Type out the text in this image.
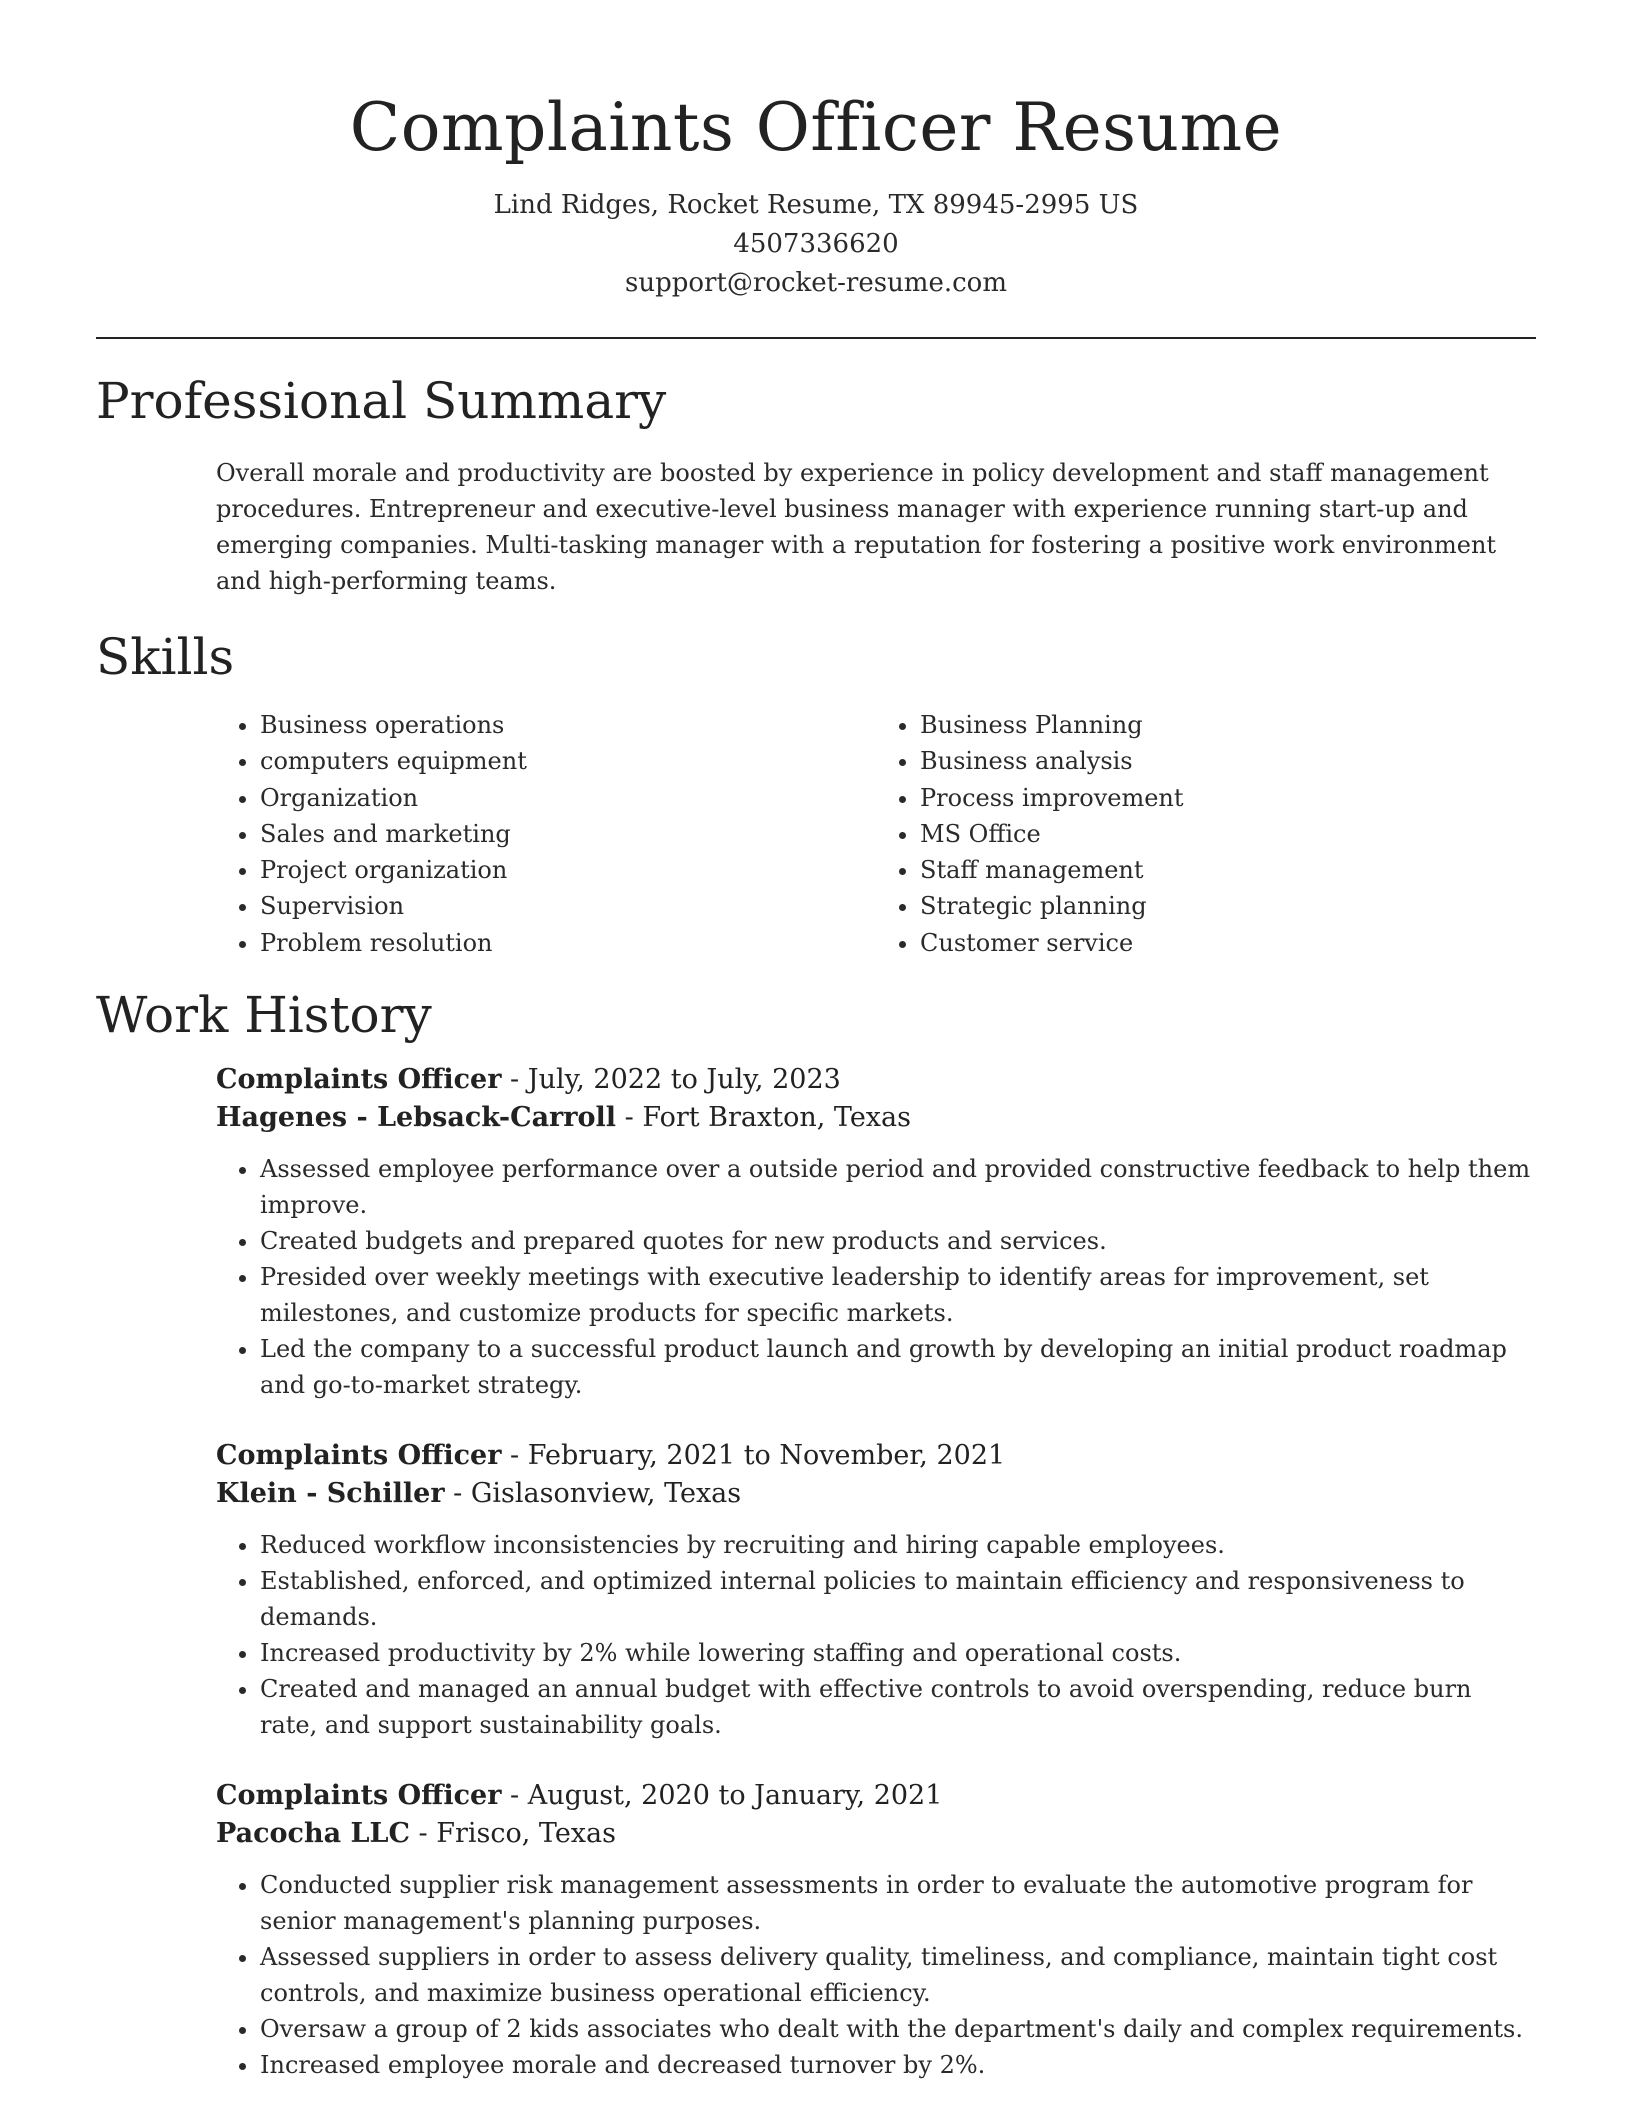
Complaints Officer Resume
Lind Ridges, Rocket Resume, TX 89945-2995 US
4507336620
support@rocket-resume.com
Professional Summary

Overall morale and productivity are boosted by experience in policy development and staff management procedures. Entrepreneur and executive-level business manager with experience running start-up and emerging companies. Multi-tasking manager with a reputation for fostering a positive work environment and high-performing teams.

Skills
• Business operations
• computers equipment
• Organization
• Sales and marketing
• Project organization
• Supervision
• Problem resolution
• Business Planning
• Business analysis
• Process improvement
• MS Office
• Staff management
• Strategic planning
• Customer service
Work History
Complaints Officer - July, 2022 to July, 2023
Hagenes - Lebsack-Carroll - Fort Braxton, Texas
• Assessed employee performance over a outside period and provided constructive feedback to help them improve.
• Created budgets and prepared quotes for new products and services.
• Presided over weekly meetings with executive leadership to identify areas for improvement, set milestones, and customize products for specific markets.
• Led the company to a successful product launch and growth by developing an initial product roadmap and go-to-market strategy.
Complaints Officer - February, 2021 to November, 2021
Klein - Schiller - Gislasonview, Texas
• Reduced workflow inconsistencies by recruiting and hiring capable employees.
• Established, enforced, and optimized internal policies to maintain efficiency and responsiveness to demands.
• Increased productivity by 2% while lowering staffing and operational costs.
• Created and managed an annual budget with effective controls to avoid overspending, reduce burn rate, and support sustainability goals.
Complaints Officer - August, 2020 to January, 2021
Pacocha LLC - Frisco, Texas
• Conducted supplier risk management assessments in order to evaluate the automotive program for senior management's planning purposes.
• Assessed suppliers in order to assess delivery quality, timeliness, and compliance, maintain tight cost controls, and maximize business operational efficiency.
• Oversaw a group of 2 kids associates who dealt with the department's daily and complex requirements.
• Increased employee morale and decreased turnover by 2%.
